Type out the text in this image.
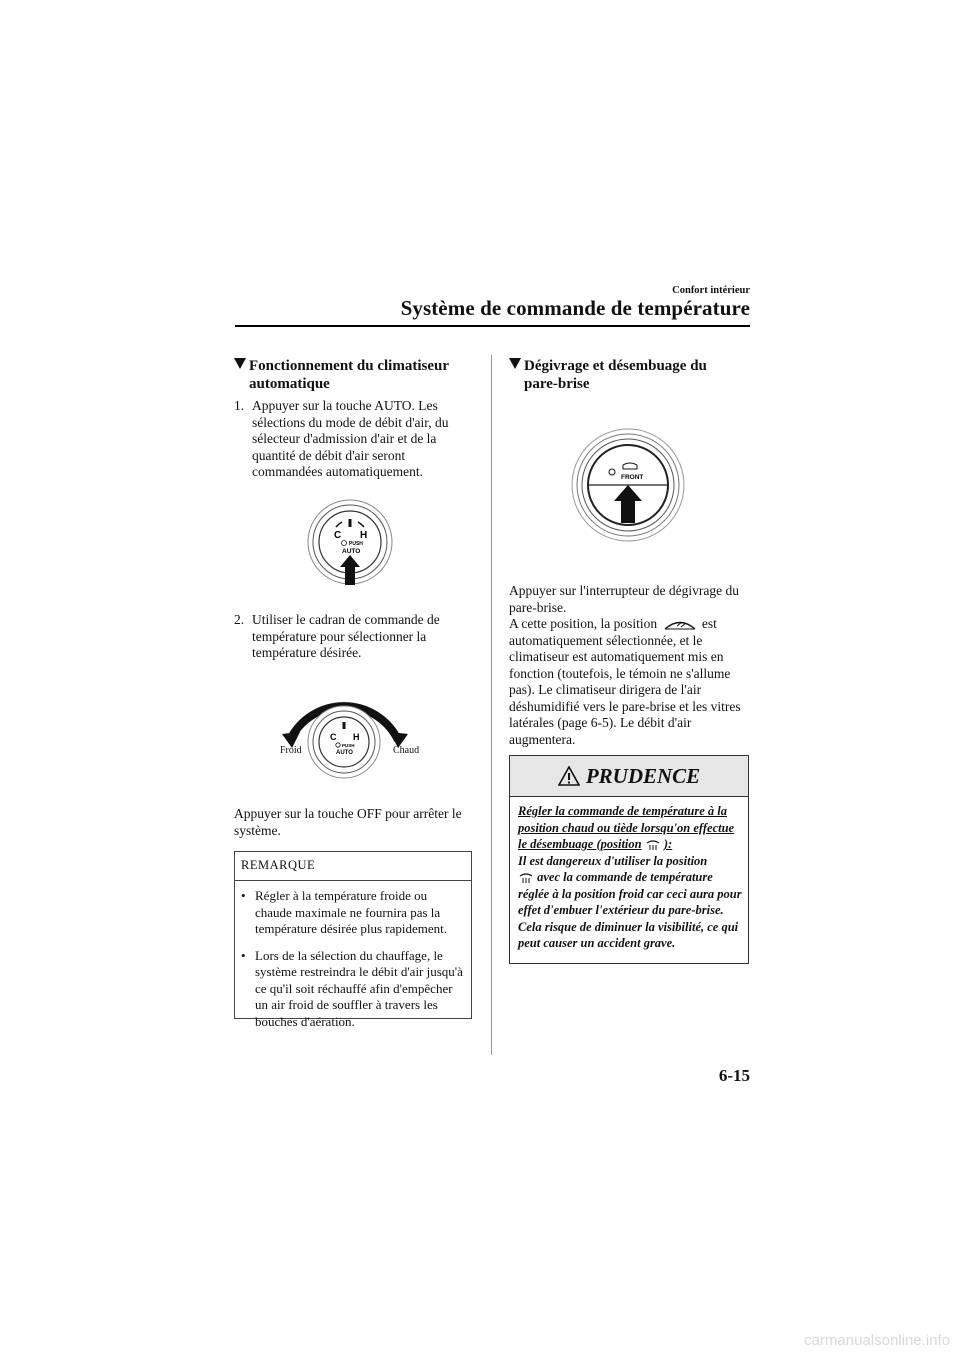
Confort intérieur
Système de commande de température
Fonctionnement du climatiseur
automatique
1. Appuyer sur la touche AUTO. Les sélections du mode de débit d'air, du sélecteur d'admission d'air et de la quantité de débit d'air seront commandées automatiquement.
C H
PUSH
AUTO
2. Utiliser le cadran de commande de température pour sélectionner la température désirée.
C H
PUSH
AUTO
Froid	Chaud
Appuyer sur la touche OFF pour arrêter le système.
REMARQUE
• Régler à la température froide ou chaude maximale ne fournira pas la température désirée plus rapidement.
• Lors de la sélection du chauffage, le système restreindra le débit d'air jusqu'à ce qu'il soit réchauffé afin d'empêcher un air froid de souffler à travers les bouches d'aération.
Dégivrage et désembuage du
pare-brise
FRONT
Appuyer sur l'interrupteur de dégivrage du pare-brise.
A cette position, la position	est automatiquement sélectionnée, et le climatiseur est automatiquement mis en fonction (toutefois, le témoin ne s'allume pas). Le climatiseur dirigera de l'air déshumidifié vers le pare-brise et les vitres latérales (page 6-5). Le débit d'air augmentera.
PRUDENCE
Régler la commande de température à la position chaud ou tiède lorsqu'on effectue le désembuage (position ):
Il est dangereux d'utiliser la position
avec la commande de température réglée à la position froid car ceci aura pour effet d'embuer l'extérieur du pare-brise. Cela risque de diminuer la visibilité, ce qui peut causer un accident grave.
6-15
carmanualsonline.info
